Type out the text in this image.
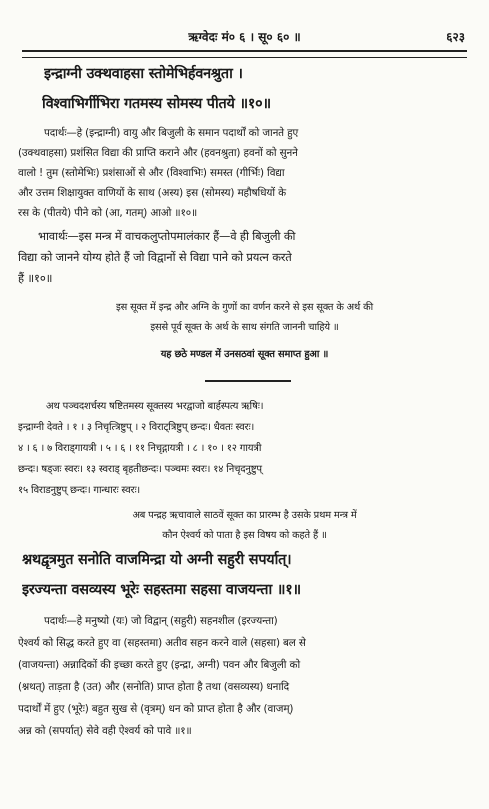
ऋग्वेदः मं० ६ । सू० ६० ॥	६२३
इन्द्राग्नी उक्थवाहसा स्तोमेभिर्हवनश्रुता ।
विश्वाभिर्गीभिरा गतमस्य सोमस्य पीतये ॥१०॥
पदार्थः—हे (इन्द्राग्नी) वायु और बिजुली के समान पदार्थों को जानते हुए
(उक्थवाहसा) प्रशंसित विद्या की प्राप्ति कराने और (हवनश्रुता) हवनों को सुनने
वालो ! तुम (स्तोमेभिः) प्रशंसाओं से और (विश्वाभिः) समस्त (गीर्भिः) विद्या
और उत्तम शिक्षायुक्त वाणियों के साथ (अस्य) इस (सोमस्य) महौषधियों के
रस के (पीतये) पीने को (आ, गतम्) आओ ॥१०॥
भावार्थः—इस मन्त्र में वाचकलुप्तोपमालंकार हैं—वे ही बिजुली की
विद्या को जानने योग्य होते हैं जो विद्वानों से विद्या पाने को प्रयत्न करते
हैं ॥१०॥
इस सूक्त में इन्द्र और अग्नि के गुणों का वर्णन करने से इस सूक्त के अर्थ की
इससे पूर्व सूक्त के अर्थ के साथ संगति जाननी चाहिये ॥
यह छठे मण्डल में उनसठवां सूक्त समाप्त हुआ ॥
अथ पञ्चदशर्चस्य षष्टितमस्य सूक्तस्य भरद्वाजो बार्हस्पत्य ऋषिः।
इन्द्राग्नी देवते । १ । ३ निचृत्त्रिष्टुप् । २ विराट्त्रिष्टुप् छन्दः। धैवतः स्वरः।
४ । ६ । ७ विराड्गायत्री । ५ । ६ । ११ निचृद्गायत्री । ८ । १० । १२ गायत्री
छन्दः। षड्जः स्वरः। १३ स्वराड् बृहतीछन्दः। पञ्चमः स्वरः। १४ निचृदनुष्टुप्
१५ विराडनुष्टुप् छन्दः। गान्धारः स्वरः।
अब पन्द्रह ऋचावाले साठवें सूक्त का प्रारम्भ है उसके प्रथम मन्त्र में
कौन ऐश्वर्य को पाता है इस विषय को कहते हैं ॥
श्नथद्वृत्रमुत सनोति वाजमिन्द्रा यो अग्नी सहुरी सपर्यात्।
इरज्यन्ता वसव्यस्य भूरेः सहस्तमा सहसा वाजयन्ता ॥१॥
पदार्थः—हे मनुष्यो (यः) जो विद्वान् (सहुरी) सहनशील (इरज्यन्ता)
ऐश्वर्य को सिद्ध करते हुए वा (सहस्तमा) अतीव सहन करने वाले (सहसा) बल से
(वाजयन्ता) अन्नादिकों की इच्छा करते हुए (इन्द्रा, अग्नी) पवन और बिजुली को
(श्नथत्) ताड़ता है (उत) और (सनोति) प्राप्त होता है तथा (वसव्यस्य) धनादि
पदार्थों में हुए (भूरेः) बहुत सुख से (वृत्रम्) धन को प्राप्त होता है और (वाजम्)
अन्न को (सपर्यात्) सेवे वही ऐश्वर्य को पावे ॥१॥
